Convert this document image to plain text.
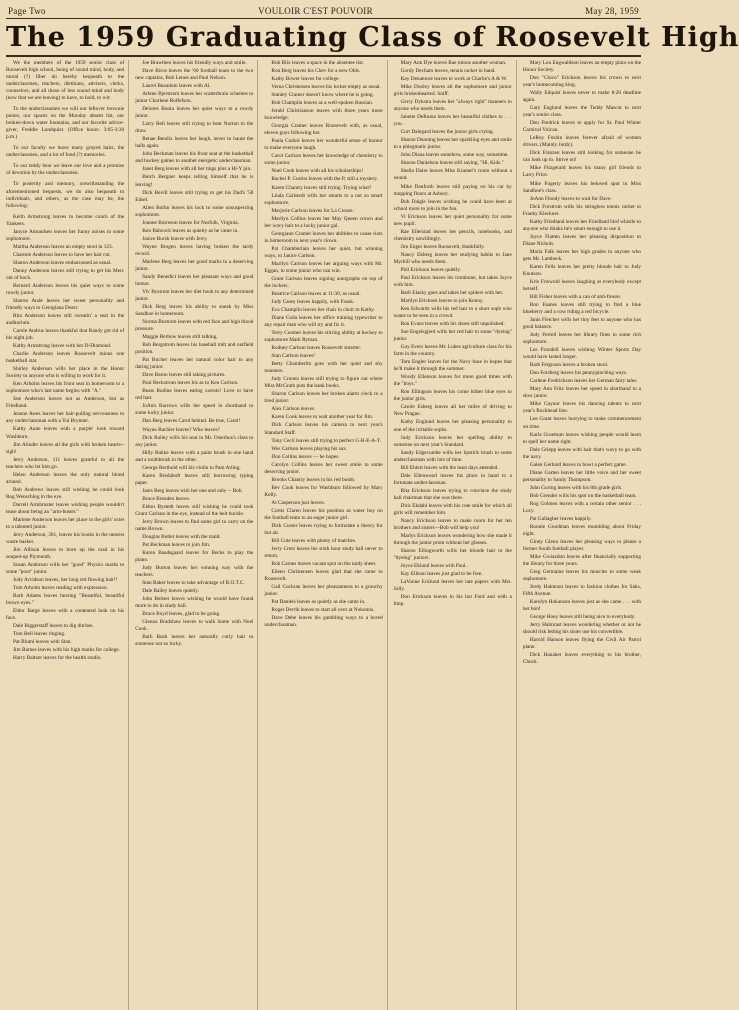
Page Two	VOULOIR C'EST POUVOIR	May 28, 1959
The 1959 Graduating Class of Roosevelt High

We the members of the 1959 senior class of Roosevelt high school, being of sound mind, body, and moral (?) fiber do hereby bequeath to the underclassmen, teachers, dietitians, advisers, clerks, counselors, and all those of less sound mind and body (now that we are leaving) to have, to hold, to wit:

To the underclassmen we will our leftover brownie points, our spaces on the Monday absent list, our broken-down water fountains, and our favorite advice-giver, Freddie Lundquist. (Office hours: 3:05-3:30 p.m.)

To our faculty we leave many grayed hairs, the underclassmen, and a lot of fond (?) memories.

To our teddy bear we leave our love and a promise of devotion by the underclassmen.

To posterity and memory, notwithstanding the aforementioned bequests, we do also bequeath to individuals, and others, as the case may be, the following:

Keith Armstrong leaves to become coach of the Yankees.

Janyce Amundsen leaves her funny noises to some sophomore.

Martha Anderson leaves an empty stool in 123.

Charmie Anderson leaves to have her hair cut.

Sharon Anderson leaves embarrassed as usual.

Danny Anderson leaves still trying to get his Merc out of hock.

Bernard Anderson leaves his quiet ways to some rowdy junior.

Sharon Ande leaves her sweet personality and friendly ways to Georgiana Doerr.

Rita Anderson leaves still sweatin' a seat in the auditorium.

Carole Andrus leaves thankful that Randy got rid of his night job.

Kathy Armstrong leaves with her D-Diamond.

Charlie Anderson leaves Roosevelt minus one basketball star.

Shirley Anderson wills her place in the Honor Society to anyone who is willing to work for it.

Ken Arholm leaves his front seat in homeroom to a sophomore who's last name begins with "A."

Sue Anderson leaves not as Anderson, but as Friedland.

Jeanne Awes leaves her hair-pulling nervousness to any underclassman with a Yul Brynner.

Kathy Aune leaves with a purple' look toward Washburn.

Jim Alinder leaves all the girls with broken hearts--sigh!

Jerry Anderson, 111 leaves grateful to all the teachers who let him go.

Helen Anderson leaves the only natural blond around.

Bob Andrews leaves still wishing he could look Rog Wenschlog in the eye.

Darrell Armbruster leaves wishing people wouldn't tease about being an "arm-buster."

Marlene Anderson leaves her place in the girls' octet to a talented junior.

Jerry Anderson, 301, leaves his books in the nearest waste basket.

Jim Allison leaves to burn up the road in his souped-up Plymouth.

Susan Anderson wills her "good" Physics marks to some "poor" junior.

Judy Arvidson leaves, her long red flowing hair!!

Tom Arholm leaves reading with expression.

Barb Adams leaves bearing "Beautiful, beautiful brown eyes."

Eldor Barge leaves with a contented look on his face.

Dale Biggerstaff leaves to dig ditches.

Tom Bell leaves ringing.

Pat Bluml leaves with Stan.

Jim Barnes leaves with his high marks for college.

Harry Baltzer leaves for the health studio.

Joe Brawthen leaves his friendly ways and smile.

Dave Biros leaves the '60 football team to the two new captains, Bob Lenoe and Paul Nelson.

Laurel Beaudoin leaves with Al.

Arlene Bjerstrom leaves her scatterbrain schemes to junior Charlene Rolfefson.

Delores Bonin leaves her quiet ways to a rowdy junior.

Larry Bell leaves still trying to beat Norton to the draw.

Renae Bendix leaves her laugh, never to haunt the halls again.

John Beckman leaves his front seat at the basketball and hockey games to another energetic underclassman.

Janet Berg leaves with all her tings plus a Hi-Y pin.

Butch Bergner keeps telling himself that he is leaving!

Dick Bevill leaves still trying to get his Dad's '58 Edsel.

Allen Bollin leaves his lock to some unsuspecting sophomore.

Joanne Borreson leaves for Norfolk, Virginia.

Ken Babcock leaves as quietly as he came in.

Janice Bursh leaves with Jerry.

Wayne Brogen leaves having broken the tardy record.

Marlene Berg leaves her good marks to a deserving junior.

Sandy Benedict leaves her pleasant ways and good humor.

Viv Bystrom leaves her diet book to any determined junior.

Dick Berg leaves his ability to sneak by Miss Sandhoe in homeroom.

Norma Bostrom leaves with red face and high blood pressure.

Maggie Berbow leaves still talking.

Bob Bergstrom leaves his baseball mitt and outfield position.

Pat Bucher leaves her natural color hair to any daring junior.

Dave Baron leaves still taking pictures.

Paul Beckstrom leaves his as to Ken Carlson.

Beats Bodine leaves eating carrots! Love to have red hair.

JoAnn Barrows wills her speed in shorthand to some lucky junior.

Dan Berg leaves Carol behind. Be true, Carol!

Wayne Bachler leaves? Who leaves?

Dick Bailey wills his seat in Mr. Osterhus's class to any junior.

Hilly Bakke leaves with a paint brush in one hand and a toothbrush in the other.

George Berthold will his violin to Pam Arling.

Karen Bredahoft leaves still borrowing typing paper.

Janis Berg leaves with her one and only -- Bob.

Bruce Brenden leaves.

Eldon Bystedt leaves still wishing he could took Grant Carlson in the eye, instead of the belt buckle.

Jerry Brown leaves to find some girl to carry on the name Brown.

Douglas Butler leaves with the maid.

Pat Beckman leaves to join Jim.

Karen Baadsgaard leaves for Becks to play the piano.

Judy Burton leaves her winning way with the teachers.

Stan Baker leaves to take advantage of R.O.T.C.

Dale Bailey leaves quietly.

John Belster leaves wishing he would have found more to do in study hall.

Bruce Boyd leaves, glad to be going.

Glenna Bradshaw leaves to walk home with Noel Cook.

Barb Bush leaves her naturally curly hair to someone not so lucky.

Bob Blix leaves a space in the absentee list.

Ron Berg leaves his Chev for a new Olds.

Kathy Bower leaves for college.

Verna Christensen leaves his locker empty as usual.

Stanley Cramer doesn't know where he is going.

Bob Champlin leaves as a well-spoken Russian.

Jerald Christianson leaves with three years more knowledge.

Georgia Cramer leaves Roosevelt with, as usual, eleven guys following her.

Paula Codori leaves her wonderful sense of humor to make everyone laugh.

Carol Carlson leaves her knowledge of chemistry to some junior.

Noel Cook leaves with all his scholarships!

Rachel P. Curtiss leaves with the P, still a mystery.

Karen Chantry leaves still trying. Trying what?

Linda Carlstedt wills her smarts to a not so smart sophomore.

Marjorie Carlson leaves for La Crosse.

Marilyn Collins leaves her May Queen crown and her wavy hair to a lucky junior gal.

Georgiann Cramer leaves her abilities to cause riots in homeroom to next year's clown.

Pat Chamberlain leaves her quiet, but winning ways, to Janice Carlson.

Marilyn Carlson leaves her arguing ways with Mr. Eggan, to some junior who can win.

Grant Carlson leaves signing autographs on top of the lockers.

Beatrice Carlson leaves at 11:30, as usual.

Judy Casey leaves happily, with Frank.

Eva Champlin leaves her chair in choir to Kathy.

Diane Coda leaves her office training typewriter to any repair man who will try and fix it.

Terry Coomer leaves his stirring ability at hockey to sophomore Mark Ryman.

Rodney Carlson leaves Roosevelt smarter.

Stan Carlson leaves!

Betty Chamberlin goes with her quiet and shy manners.

Judy Cronen leaves still trying to figure out where Miss McGrath puts the bank books.

Sharon Carlson leaves her broken alarm clock to a tired junior.

Alex Carlson leaves.

Karen Cook leaves to wait another year for Jim.

Dick Carlson leaves his camera to next year's Standard Staff.

Tony Cecil leaves still trying to perfect G-R-E-A-T.

Wes Carlson leaves playing his sax.

Don Collins leaves — he hopes.

Carolyn Collins leaves her sweet smile to some deserving junior.

Brooks Chantry leaves in his red bomb.

Bev Cook leaves for Washburn followed by Mary Kelly.

Al Casperson just leaves.

Curtis Claren leaves his position as water boy on the football team to an eager junior girl.

Dick Custer leaves trying to formulate a theory for hot air.

Bill Cote leaves with plenty of matches.

Jerry Crest leaves his sixth hour study hall never to return.

Bob Carnes leaves vacant spot on the tardy sheet.

Eileen Christensen leaves glad that she came to Roosevelt.

Gail Cochran leaves her pleasantness to a grouchy junior.

Pat Daniels leaves as quietly as she came in.

Roger Derrik leaves to start all over at Nokomis.

Dave Debe leaves his gambling ways to a bored underclassman.

Mary Ann Dye leaves Rae minus another woman.

Gordy Decham leaves, tennis racket in hand.

Kay Denamore leaves to work at Charlie's A & W.

Mike Dooley leaves all the sophomore and junior girls brokenhearted. Sniff.

Gerry Dykstra leaves her "always right" manners to anyone who needs them.

Janette DeRoma leaves her beautiful clothes to . . . you.

Curt Dalegard leaves the junior girls crying.

Sharon Dunning leaves her sparkling eyes and smile to a phlegmatic junior.

John Diana leaves somehow, some way, sometime.

Sharon Danielson leaves still saying, "Hi, Kids."

Sheila Daire leaves Miss Kramer's room without a sound.

Mike Danforth leaves still paying on his car by mopping floors at Asbury.

Bob Daigle leaves wishing he could have been at school more to join in the fun.

Vi Erickson leaves her quiet personality for some new pupil.

Rae Ellerstad leaves her pencils, notebooks, and chemistry unwillingly.

Jim Enger leaves Roosevelt, thankfully.

Nancy Ekberg leaves her studying habits to Jane Myrhill who needs them.

Phil Erickson leaves quietly.

Paul Erickson leaves his trombone, but takes Joyce with him.

Barb Elasky goes and takes her spiders with her.

Marilyn Ericksen leaves to join Kenny.

Ken Edwards wills his red hair to a short soph who wants to be seen in a crowd.

Ron Evans leaves with his shoes still unpolished.

Sue Engelsgjerd wills her red hair to some "dyeing" junior.

Guy Evers leaves Mr. Lukes agriculture class for his farm in the country.

Tom Engler leaves for the Navy base in hopes that he'll make it through the summer.

Woody Ellenson leaves for more good times with the "boys."

Ron Ellingson leaves his come hither blue eyes to the junior girls.

Carole Esberg leaves all her miles of driving to New Prague.

Kathy Englund leaves her pleasing personality to one of the irritable sophs.

Judy Erickson leaves her spelling ability to someone on next year's Standard.

Sandy Edgecumbe wills her lipstick brush to some underclassman with lots of time.

Bill Ehlert leaves with the least days attended.

Dale Ellenwood leaves his place in band to a fortunate underclassman.

Rita Erickson leaves trying to convince the study hall chairman that she was there.

Dick Ekdahl leaves with his cute smile for which all girls will remember him.

Nancy Erickson leaves to make room for her ten brothers and sisters—Bob will help you!

Marlys Erickson leaves wondering how she made it through the junior prom without her glasses.

Sharon Ellingworth wills her blonde hair to the "dyeing" juniors.

Joyce Eklund leaves with Paul.

Kay Ellison leaves just glad to be free.

LaVonne Ecklund leaves her late papers with Mrs. Jolly.

Don Erickson leaves in his hot Ford and with a limp.

Mary Lou Engwaldson leaves an empty place on the Honor Society.

Don "Chico" Erickson leaves his crown to next year's homecoming king.

Wally Edquist leaves never to make 8:20 deadline again.

Gary Englund leaves the Teddy Mascot to next year's senior class.

Don Fredrick leaves to apply for St. Paul Winter Carnival Vulcan.

LeRoy Foshin leaves forever afraid of women drivers. (Mainly Jordy).

Dick Franzen leaves still looking for someone he can look up to. Strive on!

Mike Fitzgerald leaves his many girl friends to Larry Price.

Mike Fogerty leaves his beloved spot in Miss Sandhoe's class.

JoAnn Floody leaves to wait for Dave.

Dick Forstrom wills his stringless tennis racket to Franky Kleckner.

Kathy Friedland leaves her Friedland bird whistle to anyone who thinks he's smart enough to use it.

Joyce Flatten leaves her pleasing disposition to Diane Nichols.

Maria Falk leaves her high grades to anyone who gets Mr. Lambeck.

Karen Fells leaves her pretty blonde hair to Judy Knutson.

Kris Friswold leaves laughing at everybody except herself.

Bill Fisher leaves with a can of anti-freeze.

Ron Faanes leaves still trying to find a blue blueberry and a cow riding a red bicycle.

Janis Fletcher wills her tiny feet to anyone who has good balance.

Judy Ferrell leaves her library fines to some rich sophomore.

Les Frondell leaves wishing Winter Sports Day would have lasted longer.

Barb Ferguson leaves a broken stool.

Don Forsberg leaves his pennypinching ways.

Carlene Fredrickson leaves her German fairy tales.

Mary Ann Fritz leaves her speed in shorthand to a slow junior.

Mike Gaynor leaves his dancing talents to next year's Rockhead line.

Lee Grant leaves hurrying to make commencement on time.

Karla Groettum leaves wishing people would learn to spell her name right.

Dale Griepp leaves with hair that's wavy to go with the navy.

Galen Gerhard leaves to bowl a perfect game.

Diane Garten leaves her little voice and her sweet personality to Sandy Thompson.

John Goring leaves with his 8th grade girls.

Bob Grender wills his spot on the basketball team.

Rog Golmen leaves with a certain other senior . . . Lucy.

Pat Gallagher leaves happily.

Ronnie Goodman leaves mumbling about Friday night.

Ginny Glenn leaves her pleasing ways to please a former South football player.

Mike Gwiazdon leaves after financially supporting the library for three years.

Greg Germaine leaves his muscles to some weak sophomore.

Jordy Halmrast leaves to fashion clothes for Saks, Fifth Avenue.

Karolyn Hokanson leaves just as she came . . . with her hon!

George Hoey leaves still being nice to everybody.

Jerry Halmrast leaves wondering whether or not he should risk letting his sister use his convertible.

Harold Hanson leaves flying the Civil Air Patrol plane.

Dick Hauaker leaves everything to his brother, Chuck.
